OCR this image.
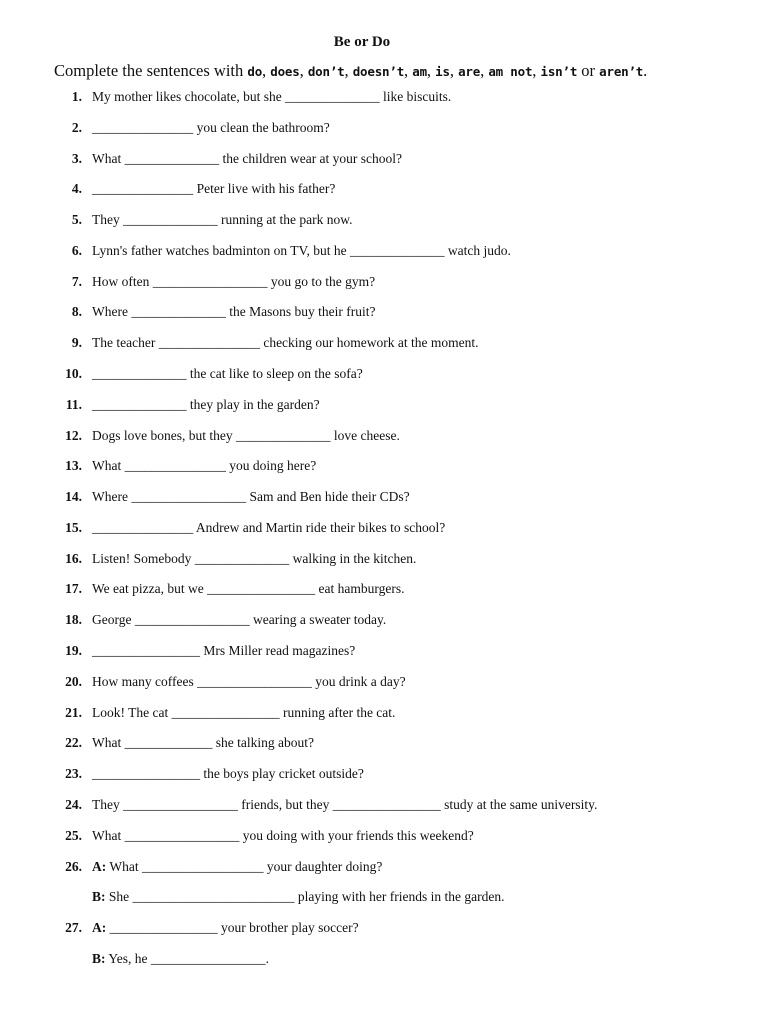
Be or Do
Complete the sentences with do, does, don’t, doesn’t, am, is, are, am not, isn’t or aren’t.
1. My mother likes chocolate, but she ______________ like biscuits.
2. _______________ you clean the bathroom?
3. What ______________ the children wear at your school?
4. _______________ Peter live with his father?
5. They ______________ running at the park now.
6. Lynn's father watches badminton on TV, but he ______________ watch judo.
7. How often _________________ you go to the gym?
8. Where ______________ the Masons buy their fruit?
9. The teacher _______________ checking our homework at the moment.
10. ______________ the cat like to sleep on the sofa?
11. ______________ they play in the garden?
12. Dogs love bones, but they ______________ love cheese.
13. What _______________ you doing here?
14. Where _________________ Sam and Ben hide their CDs?
15. _______________ Andrew and Martin ride their bikes to school?
16. Listen! Somebody ______________ walking in the kitchen.
17. We eat pizza, but we ________________ eat hamburgers.
18. George _________________ wearing a sweater today.
19. ________________ Mrs Miller read magazines?
20. How many coffees _________________ you drink a day?
21. Look! The cat ________________ running after the cat.
22. What _____________ she talking about?
23. ________________ the boys play cricket outside?
24. They _________________ friends, but they ________________ study at the same university.
25. What _________________ you doing with your friends this weekend?
26. A: What __________________ your daughter doing?
B: She ________________________ playing with her friends in the garden.
27. A: ________________ your brother play soccer?
B: Yes, he _________________.
